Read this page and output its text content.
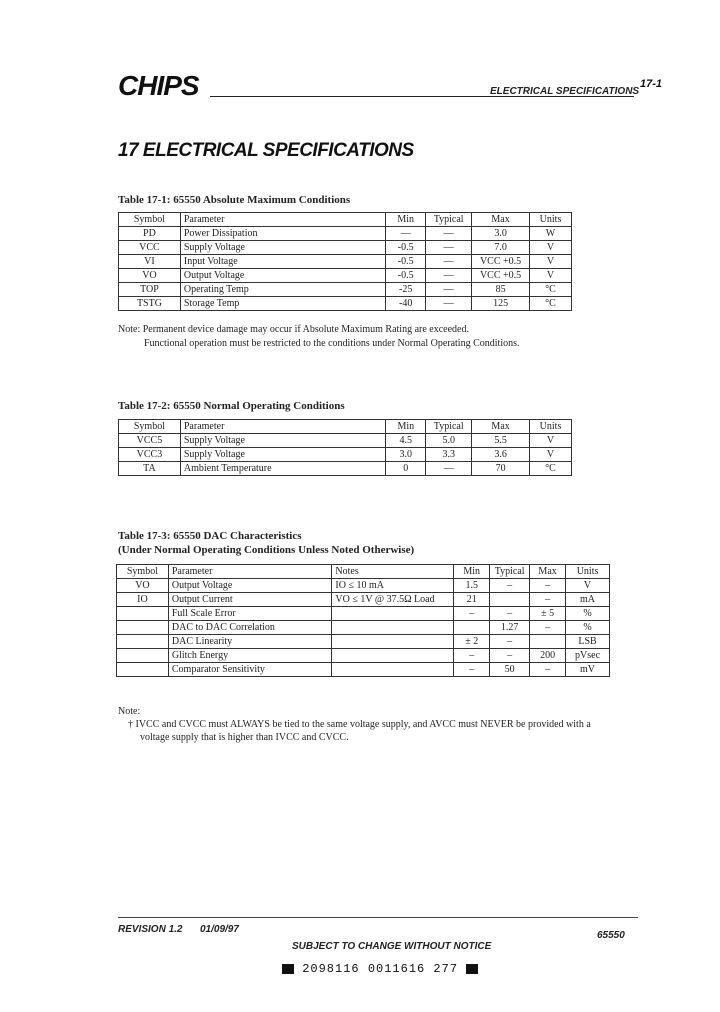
CHIPS	ELECTRICAL SPECIFICATIONS
17-1
17 ELECTRICAL SPECIFICATIONS
Table 17-1: 65550 Absolute Maximum Conditions
Symbol	Parameter	Min	Typical	Max	Units
PD	Power Dissipation	—	—	3.0	W
VCC	Supply Voltage	-0.5	—	7.0	V
VI	Input Voltage	-0.5	—	VCC +0.5	V
VO	Output Voltage	-0.5	—	VCC +0.5	V
TOP	Operating Temp	-25	—	85	°C
TSTG	Storage Temp	-40	—	125	°C
Note: Permanent device damage may occur if Absolute Maximum Rating are exceeded.
Functional operation must be restricted to the conditions under Normal Operating Conditions.
Table 17-2: 65550 Normal Operating Conditions
Symbol	Parameter	Min	Typical	Max	Units
VCC5	Supply Voltage	4.5	5.0	5.5	V
VCC3	Supply Voltage	3.0	3.3	3.6	V
TA	Ambient Temperature	0	—	70	°C
Table 17-3: 65550 DAC Characteristics
(Under Normal Operating Conditions Unless Noted Otherwise)
Symbol	Parameter	Notes	Min	Typical	Max	Units
VO	Output Voltage	IO ≤ 10 mA	1.5	–	–	V
IO	Output Current	VO ≤ 1V @ 37.5Ω Load	21		–	mA
	Full Scale Error		–	–	± 5	%
	DAC to DAC Correlation			1.27	–	%
	DAC Linearity		± 2	–		LSB
	Glitch Energy		–	–	200	pVsec
	Comparator Sensitivity		–	50	–	mV
Note:
† IVCC and CVCC must ALWAYS be tied to the same voltage supply, and AVCC must NEVER be provided with a
voltage supply that is higher than IVCC and CVCC.
REVISION 1.2 01/09/97
SUBJECT TO CHANGE WITHOUT NOTICE
65550
2098116 0011616 277
